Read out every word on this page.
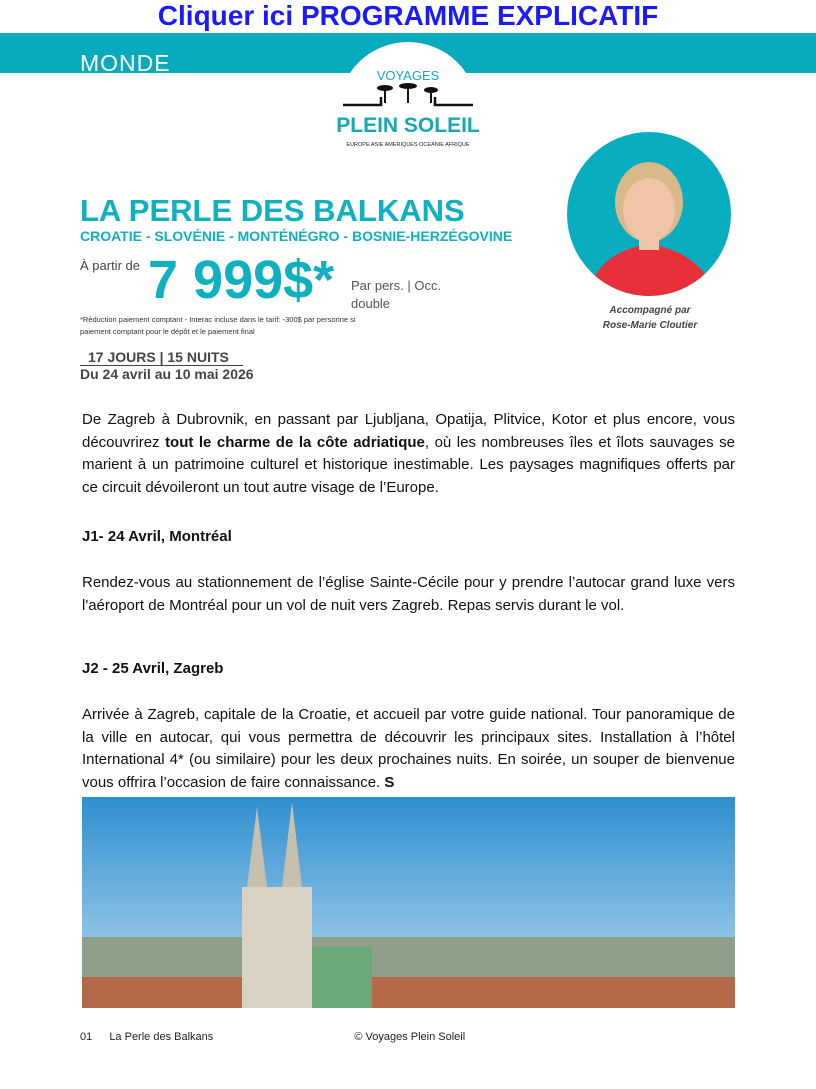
Cliquer ici PROGRAMME EXPLICATIF
MONDE	VOYAGES
PLEIN SOLEIL
EUROPE ASIE AMERIQUES OCEANIE AFRIQUE
LA PERLE DES BALKANS
CROATIE - SLOVÉNIE - MONTÉNÉGRO - BOSNIE-HERZÉGOVINE
À partir de 7 999$* Par pers. | Occ. double
*Réduction paiement comptant - Interac incluse dans le tarif: -300$ par personne si paiement comptant pour le dépôt et le paiement final
17 JOURS | 15 NUITS
Du 24 avril au 10 mai 2026
Accompagné par
Rose-Marie Cloutier
De Zagreb à Dubrovnik, en passant par Ljubljana, Opatija, Plitvice, Kotor et plus encore, vous découvrirez tout le charme de la côte adriatique, où les nombreuses îles et îlots sauvages se marient à un patrimoine culturel et historique inestimable. Les paysages magnifiques offerts par ce circuit dévoileront un tout autre visage de l’Europe.
J1- 24 Avril, Montréal
Rendez-vous au stationnement de l’église Sainte-Cécile pour y prendre l’autocar grand luxe vers l'aéroport de Montréal pour un vol de nuit vers Zagreb. Repas servis durant le vol.
J2 - 25 Avril, Zagreb
Arrivée à Zagreb, capitale de la Croatie, et accueil par votre guide national. Tour panoramique de la ville en autocar, qui vous permettra de découvrir les principaux sites. Installation à l’hôtel International 4* (ou similaire) pour les deux prochaines nuits. En soirée, un souper de bienvenue vous offrira l’occasion de faire connaissance. S
01 La Perle des Balkans	© Voyages Plein Soleil
